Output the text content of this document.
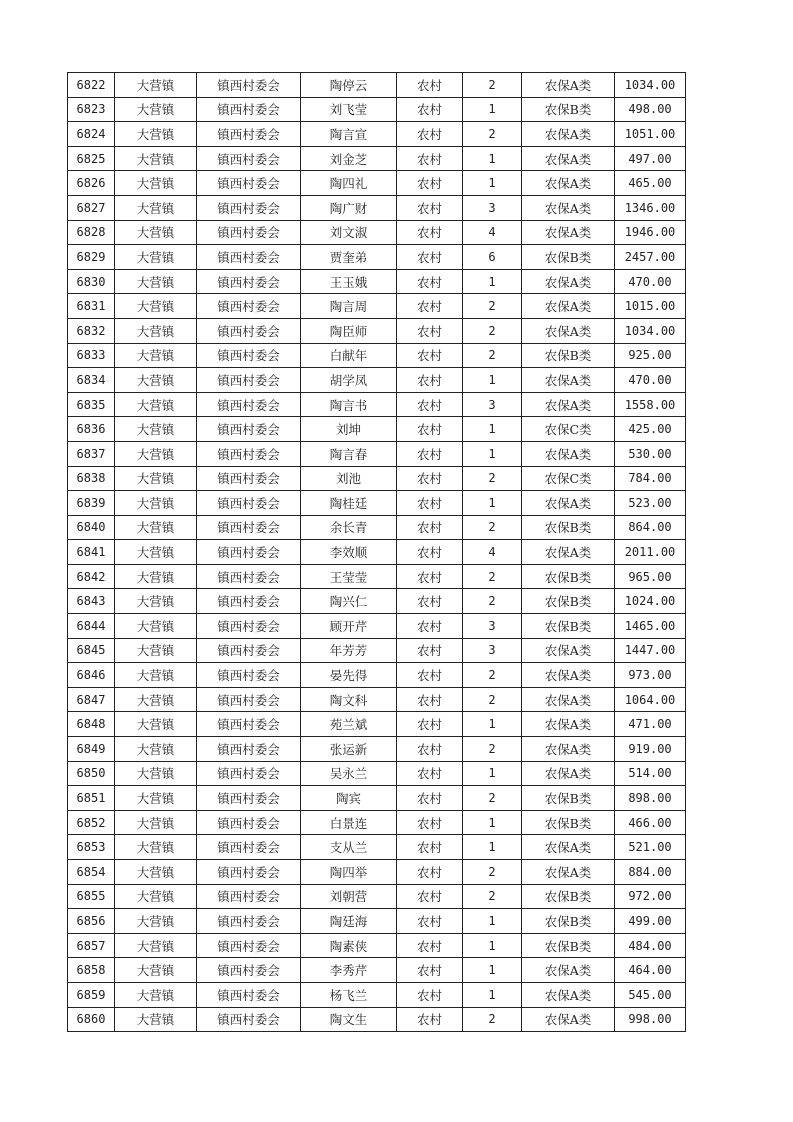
6822	大营镇	镇西村委会	陶停云	农村	2	农保A类	1034.00
6823	大营镇	镇西村委会	刘飞莹	农村	1	农保B类	498.00
6824	大营镇	镇西村委会	陶言宣	农村	2	农保A类	1051.00
6825	大营镇	镇西村委会	刘金芝	农村	1	农保A类	497.00
6826	大营镇	镇西村委会	陶四礼	农村	1	农保A类	465.00
6827	大营镇	镇西村委会	陶广财	农村	3	农保A类	1346.00
6828	大营镇	镇西村委会	刘文淑	农村	4	农保A类	1946.00
6829	大营镇	镇西村委会	贾奎弟	农村	6	农保B类	2457.00
6830	大营镇	镇西村委会	王玉娥	农村	1	农保A类	470.00
6831	大营镇	镇西村委会	陶言周	农村	2	农保A类	1015.00
6832	大营镇	镇西村委会	陶臣师	农村	2	农保A类	1034.00
6833	大营镇	镇西村委会	白献年	农村	2	农保B类	925.00
6834	大营镇	镇西村委会	胡学凤	农村	1	农保A类	470.00
6835	大营镇	镇西村委会	陶言书	农村	3	农保A类	1558.00
6836	大营镇	镇西村委会	刘坤	农村	1	农保C类	425.00
6837	大营镇	镇西村委会	陶言春	农村	1	农保A类	530.00
6838	大营镇	镇西村委会	刘池	农村	2	农保C类	784.00
6839	大营镇	镇西村委会	陶桂廷	农村	1	农保A类	523.00
6840	大营镇	镇西村委会	余长青	农村	2	农保B类	864.00
6841	大营镇	镇西村委会	李效顺	农村	4	农保A类	2011.00
6842	大营镇	镇西村委会	王莹莹	农村	2	农保B类	965.00
6843	大营镇	镇西村委会	陶兴仁	农村	2	农保B类	1024.00
6844	大营镇	镇西村委会	顾开芹	农村	3	农保B类	1465.00
6845	大营镇	镇西村委会	年芳芳	农村	3	农保A类	1447.00
6846	大营镇	镇西村委会	晏先得	农村	2	农保A类	973.00
6847	大营镇	镇西村委会	陶文科	农村	2	农保A类	1064.00
6848	大营镇	镇西村委会	苑兰斌	农村	1	农保A类	471.00
6849	大营镇	镇西村委会	张运新	农村	2	农保A类	919.00
6850	大营镇	镇西村委会	吴永兰	农村	1	农保A类	514.00
6851	大营镇	镇西村委会	陶宾	农村	2	农保B类	898.00
6852	大营镇	镇西村委会	白景连	农村	1	农保B类	466.00
6853	大营镇	镇西村委会	支从兰	农村	1	农保A类	521.00
6854	大营镇	镇西村委会	陶四举	农村	2	农保A类	884.00
6855	大营镇	镇西村委会	刘朝营	农村	2	农保B类	972.00
6856	大营镇	镇西村委会	陶廷海	农村	1	农保B类	499.00
6857	大营镇	镇西村委会	陶素侠	农村	1	农保B类	484.00
6858	大营镇	镇西村委会	李秀芹	农村	1	农保A类	464.00
6859	大营镇	镇西村委会	杨飞兰	农村	1	农保A类	545.00
6860	大营镇	镇西村委会	陶文生	农村	2	农保A类	998.00
